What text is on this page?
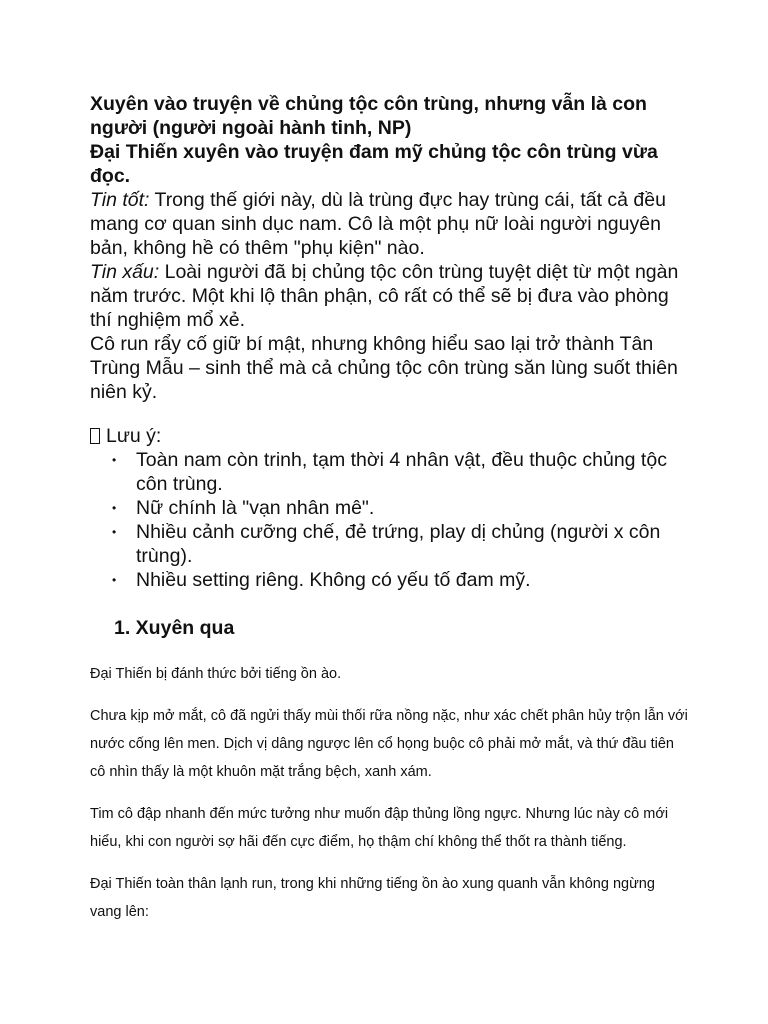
Xuyên vào truyện về chủng tộc côn trùng, nhưng vẫn là con người (người ngoài hành tinh, NP)

Đại Thiến xuyên vào truyện đam mỹ chủng tộc côn trùng vừa đọc.

Tin tốt: Trong thế giới này, dù là trùng đực hay trùng cái, tất cả đều mang cơ quan sinh dục nam. Cô là một phụ nữ loài người nguyên bản, không hề có thêm "phụ kiện" nào.

Tin xấu: Loài người đã bị chủng tộc côn trùng tuyệt diệt từ một ngàn năm trước. Một khi lộ thân phận, cô rất có thể sẽ bị đưa vào phòng thí nghiệm mổ xẻ.

Cô run rẩy cố giữ bí mật, nhưng không hiểu sao lại trở thành Tân Trùng Mẫu – sinh thể mà cả chủng tộc côn trùng săn lùng suốt thiên niên kỷ.

Lưu ý:

• Toàn nam còn trinh, tạm thời 4 nhân vật, đều thuộc chủng tộc côn trùng.
• Nữ chính là "vạn nhân mê".
• Nhiều cảnh cưỡng chế, đẻ trứng, play dị chủng (người x côn trùng).
• Nhiều setting riêng. Không có yếu tố đam mỹ.

1. Xuyên qua

Đại Thiến bị đánh thức bởi tiếng ồn ào.

Chưa kịp mở mắt, cô đã ngửi thấy mùi thối rữa nồng nặc, như xác chết phân hủy trộn lẫn với nước cống lên men. Dịch vị dâng ngược lên cổ họng buộc cô phải mở mắt, và thứ đầu tiên cô nhìn thấy là một khuôn mặt trắng bệch, xanh xám.

Tim cô đập nhanh đến mức tưởng như muốn đập thủng lồng ngực. Nhưng lúc này cô mới hiểu, khi con người sợ hãi đến cực điểm, họ thậm chí không thể thốt ra thành tiếng.

Đại Thiến toàn thân lạnh run, trong khi những tiếng ồn ào xung quanh vẫn không ngừng vang lên:
